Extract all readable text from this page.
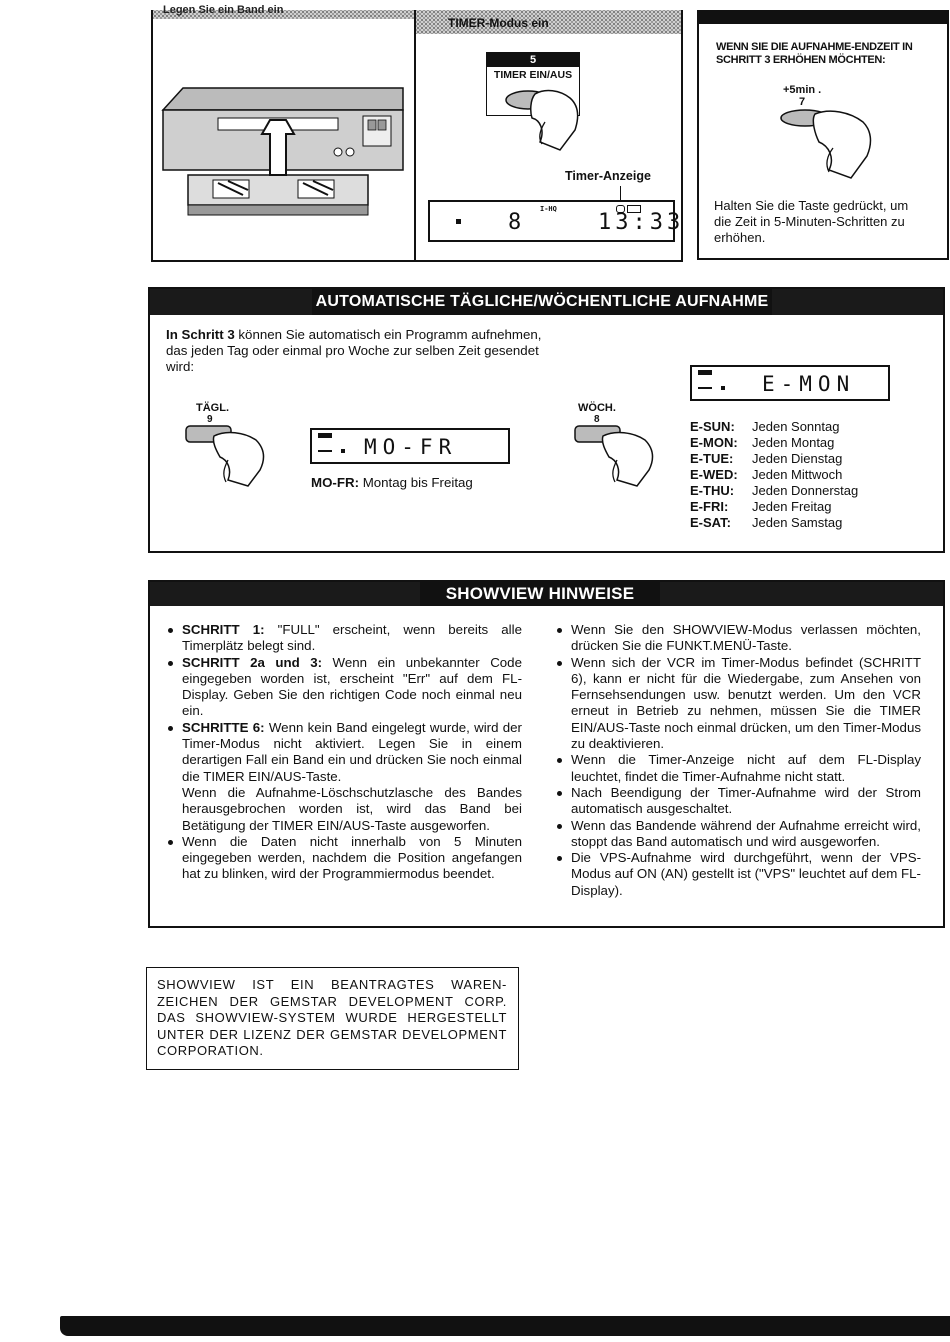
Legen Sie ein Band ein
TIMER-Modus ein
5
TIMER EIN/AUS
Timer-Anzeige
8
I-HQ
13:33
WENN SIE DIE AUFNAHME-ENDZEIT IN SCHRITT 3 ERHÖHEN MÖCHTEN:
+5min .
7
Halten Sie die Taste gedrückt, um die Zeit in 5-Minuten-Schritten zu erhöhen.
AUTOMATISCHE TÄGLICHE/WÖCHENTLICHE AUFNAHME
In Schritt 3 können Sie automatisch ein Programm aufnehmen, das jeden Tag oder einmal pro Woche zur selben Zeit gesendet wird:
TÄGL.
9
MO-FR
MO-FR: Montag bis Freitag
WÖCH.
8
E-MON
E-SUN:	Jeden Sonntag
E-MON:	Jeden Montag
E-TUE:	Jeden Dienstag
E-WED:	Jeden Mittwoch
E-THU:	Jeden Donnerstag
E-FRI:	Jeden Freitag
E-SAT:	Jeden Samstag
SHOWVIEW HINWEISE
SCHRITT 1: "FULL" erscheint, wenn bereits alle Timerplätz belegt sind.
SCHRITT 2a und 3: Wenn ein unbekannter Code eingegeben worden ist, erscheint "Err" auf dem FL-Display. Geben Sie den richtigen Code noch einmal neu ein.
SCHRITTE 6: Wenn kein Band eingelegt wurde, wird der Timer-Modus nicht aktiviert. Legen Sie in einem derartigen Fall ein Band ein und drücken Sie noch einmal die TIMER EIN/AUS-Taste.
Wenn die Aufnahme-Löschschutzlasche des Bandes herausgebrochen worden ist, wird das Band bei Betätigung der TIMER EIN/AUS-Taste ausgeworfen.
Wenn die Daten nicht innerhalb von 5 Minuten eingegeben werden, nachdem die Position angefangen hat zu blinken, wird der Programmiermodus beendet.
Wenn Sie den SHOWVIEW-Modus verlassen möchten, drücken Sie die FUNKT.MENÜ-Taste.
Wenn sich der VCR im Timer-Modus befindet (SCHRITT 6), kann er nicht für die Wiedergabe, zum Ansehen von Fernsehsendungen usw. benutzt werden. Um den VCR erneut in Betrieb zu nehmen, müssen Sie die TIMER EIN/AUS-Taste noch einmal drücken, um den Timer-Modus zu deaktivieren.
Wenn die Timer-Anzeige nicht auf dem FL-Display leuchtet, findet die Timer-Aufnahme nicht statt.
Nach Beendigung der Timer-Aufnahme wird der Strom automatisch ausgeschaltet.
Wenn das Bandende während der Aufnahme erreicht wird, stoppt das Band automatisch und wird ausgeworfen.
Die VPS-Aufnahme wird durchgeführt, wenn der VPS-Modus auf ON (AN) gestellt ist ("VPS" leuchtet auf dem FL-Display).
SHOWVIEW IST EIN BEANTRAGTES WAREN-ZEICHEN DER GEMSTAR DEVELOPMENT CORP. DAS SHOWVIEW-SYSTEM WURDE HERGESTELLT UNTER DER LIZENZ DER GEMSTAR DEVELOPMENT CORPORATION.
